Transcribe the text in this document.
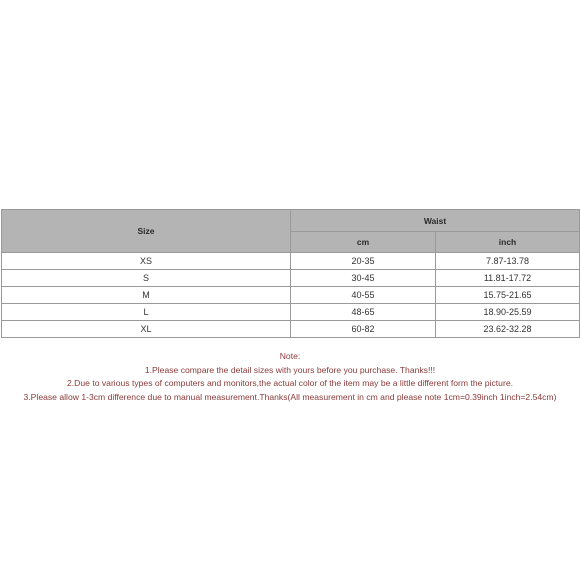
Size	Waist	
	cm	inch
XS	20-35	7.87-13.78
S	30-45	11.81-17.72
M	40-55	15.75-21.65
L	48-65	18.90-25.59
XL	60-82	23.62-32.28
Note:
1.Please compare the detail sizes with yours before you purchase. Thanks!!!
2.Due to various types of computers and monitors,the actual color of the item may be a little different form the picture.
3.Please allow 1-3cm difference due to manual measurement.Thanks(All measurement in cm and please note 1cm=0.39inch 1inch=2.54cm)
